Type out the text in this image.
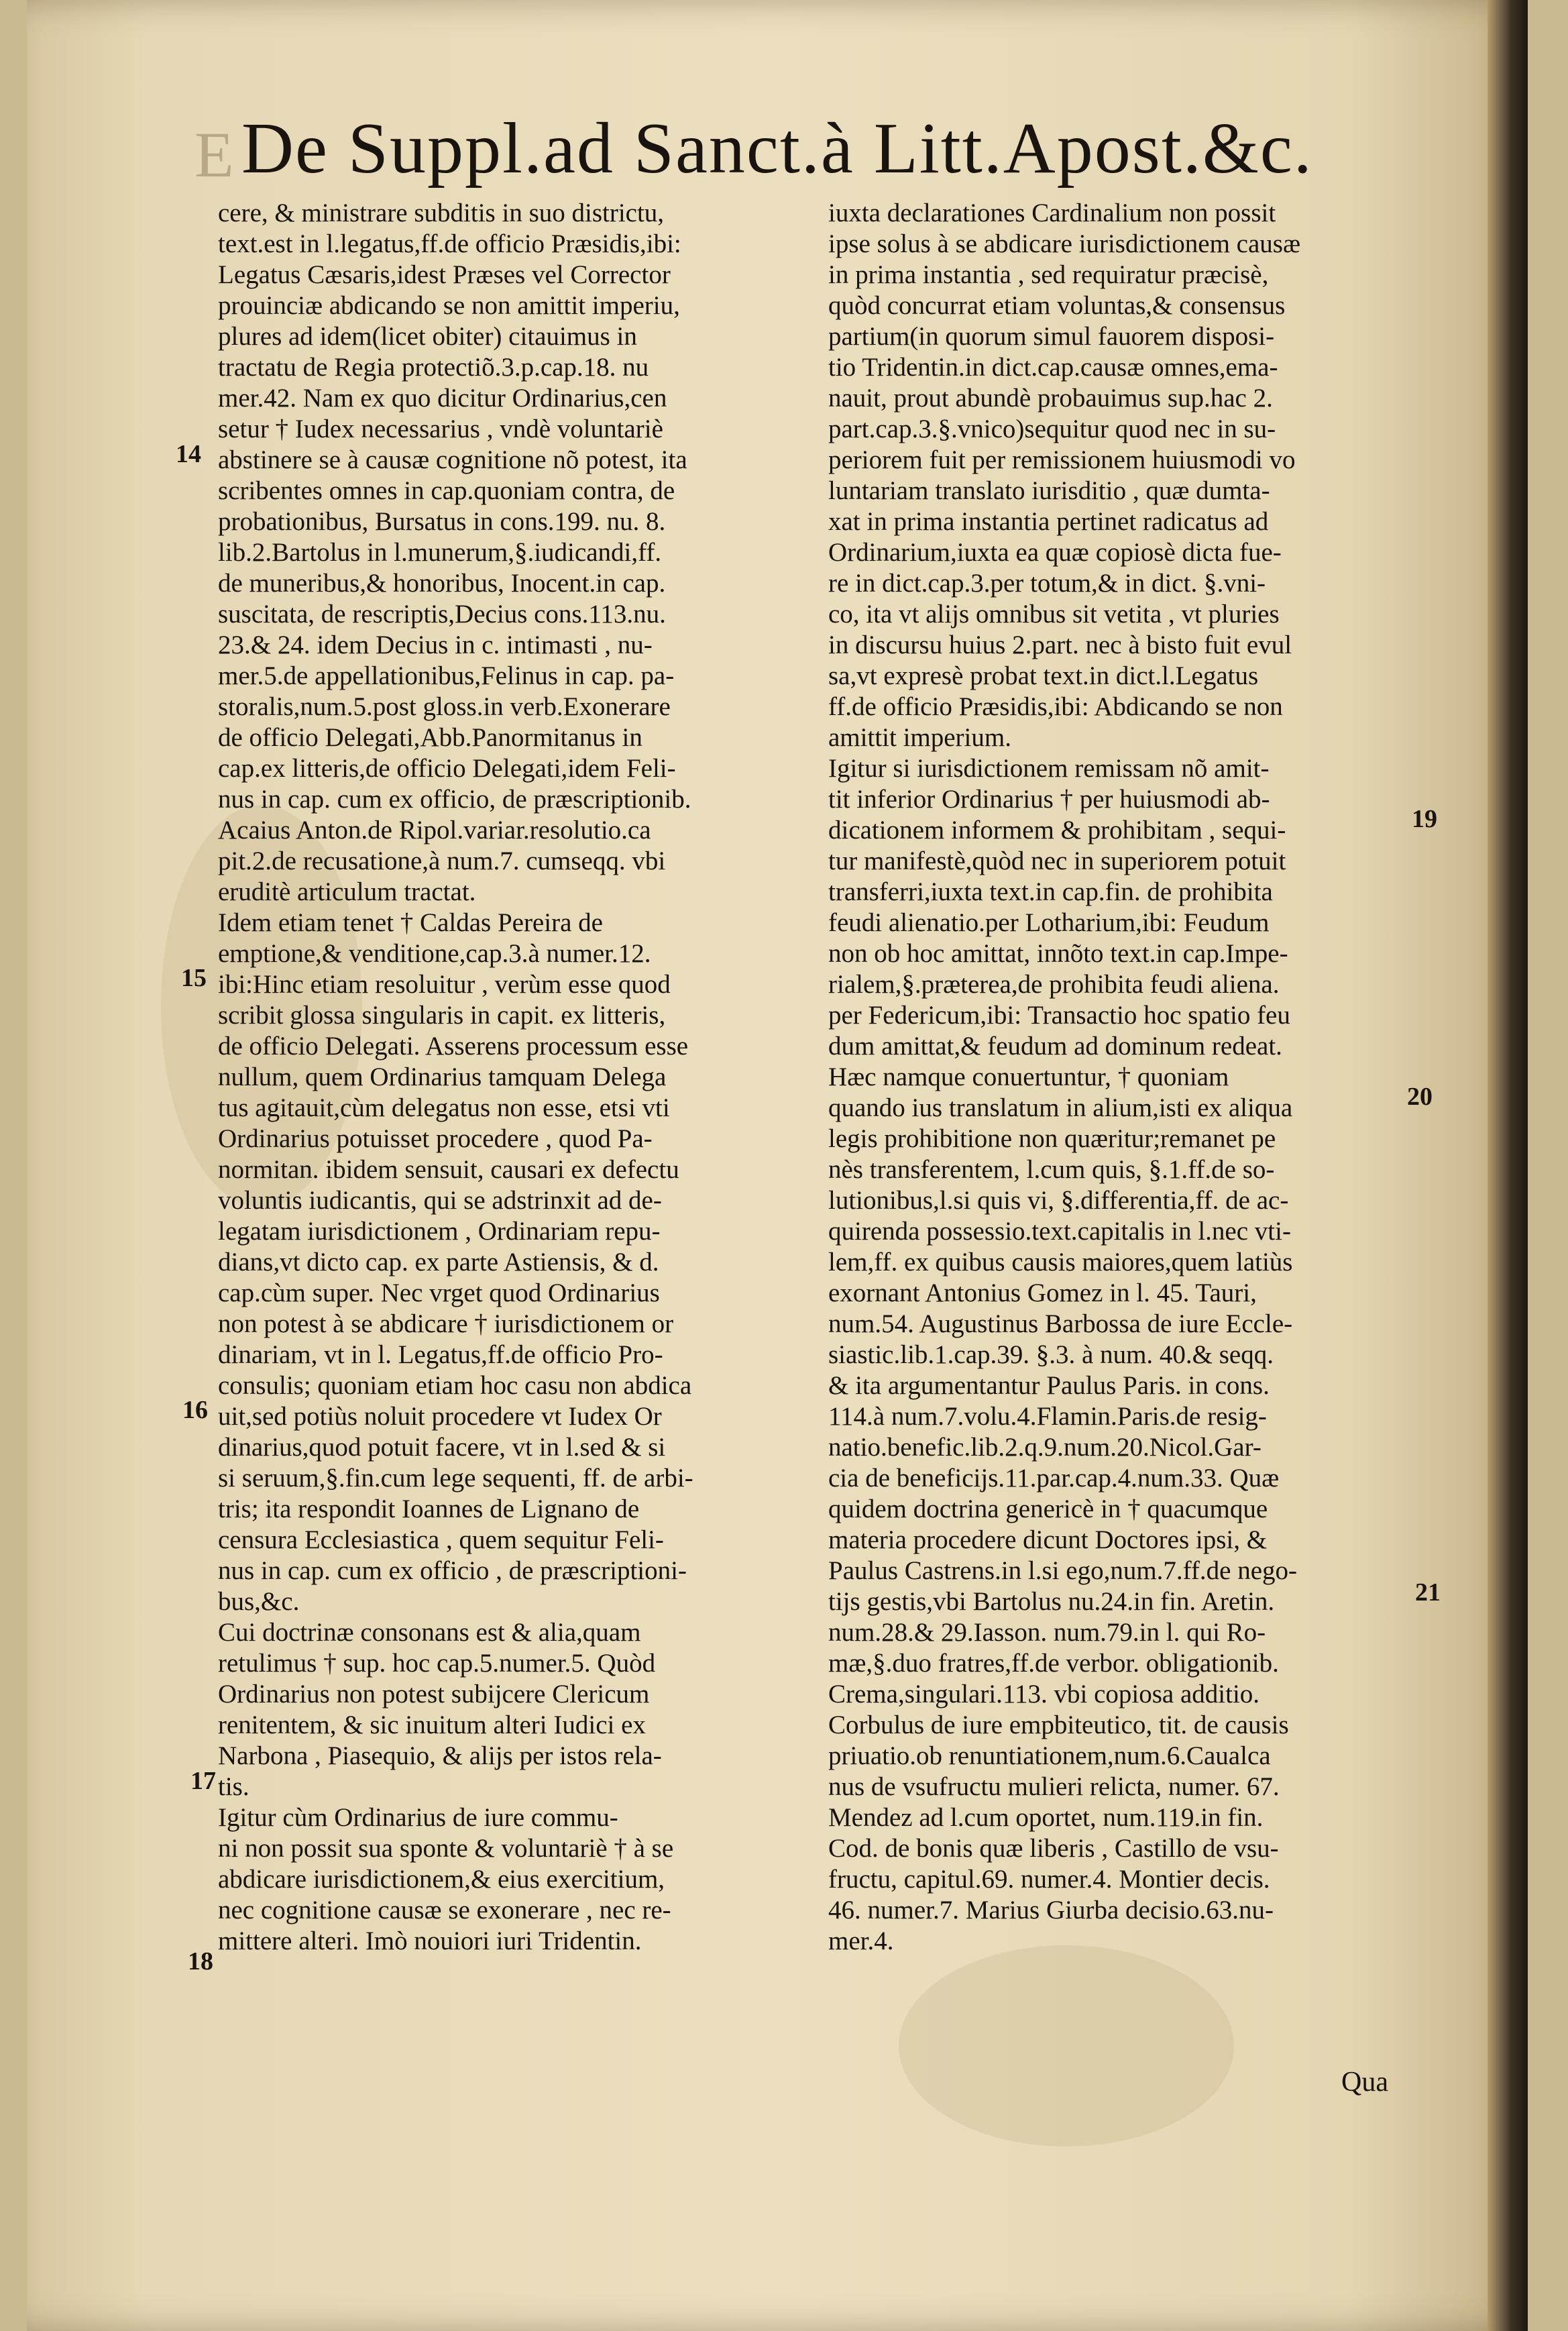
E De Suppl.ad Sanct.à Litt.Apost.&c.
cere, & ministrare subditis in suo districtu,
text.est in l.legatus,ff.de officio Præsidis,ibi:
Legatus Cæsaris,idest Præses vel Corrector
prouinciæ abdicando se non amittit imperiu,
plures ad idem(licet obiter) citauimus in
tractatu de Regia protectiõ.3.p.cap.18. nu
mer.42. Nam ex quo dicitur Ordinarius,cen
setur † Iudex necessarius , vndè voluntariè
abstinere se à causæ cognitione nõ potest, ita
scribentes omnes in cap.quoniam contra, de
probationibus, Bursatus in cons.199. nu. 8.
lib.2.Bartolus in l.munerum,§.iudicandi,ff.
de muneribus,& honoribus, Inocent.in cap.
suscitata, de rescriptis,Decius cons.113.nu.
23.& 24. idem Decius in c. intimasti , nu-
mer.5.de appellationibus,Felinus in cap. pa-
storalis,num.5.post gloss.in verb.Exonerare
de officio Delegati,Abb.Panormitanus in
cap.ex litteris,de officio Delegati,idem Feli-
nus in cap. cum ex officio, de præscriptionib.
Acaius Anton.de Ripol.variar.resolutio.ca
pit.2.de recusatione,à num.7. cumseqq. vbi
eruditè articulum tractat.
Idem etiam tenet † Caldas Pereira de
emptione,& venditione,cap.3.à numer.12.
ibi:Hinc etiam resoluitur , verùm esse quod
scribit glossa singularis in capit. ex litteris,
de officio Delegati. Asserens processum esse
nullum, quem Ordinarius tamquam Delega
tus agitauit,cùm delegatus non esse, etsi vti
Ordinarius potuisset procedere , quod Pa-
normitan. ibidem sensuit, causari ex defectu
voluntis iudicantis, qui se adstrinxit ad de-
legatam iurisdictionem , Ordinariam repu-
dians,vt dicto cap. ex parte Astiensis, & d.
cap.cùm super. Nec vrget quod Ordinarius
non potest à se abdicare † iurisdictionem or
dinariam, vt in l. Legatus,ff.de officio Pro-
consulis; quoniam etiam hoc casu non abdica
uit,sed potiùs noluit procedere vt Iudex Or
dinarius,quod potuit facere, vt in l.sed & si
si seruum,§.fin.cum lege sequenti, ff. de arbi-
tris; ita respondit Ioannes de Lignano de
censura Ecclesiastica , quem sequitur Feli-
nus in cap. cum ex officio , de præscriptioni-
bus,&c.
Cui doctrinæ consonans est & alia,quam
retulimus † sup. hoc cap.5.numer.5. Quòd
Ordinarius non potest subijcere Clericum
renitentem, & sic inuitum alteri Iudici ex
Narbona , Piasequio, & alijs per istos rela-
tis.
Igitur cùm Ordinarius de iure commu-
ni non possit sua sponte & voluntariè † à se
abdicare iurisdictionem,& eius exercitium,
nec cognitione causæ se exonerare , nec re-
mittere alteri. Imò nouiori iuri Tridentin.
iuxta declarationes Cardinalium non possit
ipse solus à se abdicare iurisdictionem causæ
in prima instantia , sed requiratur præcisè,
quòd concurrat etiam voluntas,& consensus
partium(in quorum simul fauorem disposi-
tio Tridentin.in dict.cap.causæ omnes,ema-
nauit, prout abundè probauimus sup.hac 2.
part.cap.3.§.vnico)sequitur quod nec in su-
periorem fuit per remissionem huiusmodi vo
luntariam translato iurisditio , quæ dumta-
xat in prima instantia pertinet radicatus ad
Ordinarium,iuxta ea quæ copiosè dicta fue-
re in dict.cap.3.per totum,& in dict. §.vni-
co, ita vt alijs omnibus sit vetita , vt pluries
in discursu huius 2.part. nec à bisto fuit evul
sa,vt expresè probat text.in dict.l.Legatus
ff.de officio Præsidis,ibi: Abdicando se non
amittit imperium.
Igitur si iurisdictionem remissam nõ amit-
tit inferior Ordinarius † per huiusmodi ab-
dicationem informem & prohibitam , sequi-
tur manifestè,quòd nec in superiorem potuit
transferri,iuxta text.in cap.fin. de prohibita
feudi alienatio.per Lotharium,ibi: Feudum
non ob hoc amittat, innõto text.in cap.Impe-
rialem,§.præterea,de prohibita feudi aliena.
per Federicum,ibi: Transactio hoc spatio feu
dum amittat,& feudum ad dominum redeat.
Hæc namque conuertuntur, † quoniam
quando ius translatum in alium,isti ex aliqua
legis prohibitione non quæritur;remanet pe
nès transferentem, l.cum quis, §.1.ff.de so-
lutionibus,l.si quis vi, §.differentia,ff. de ac-
quirenda possessio.text.capitalis in l.nec vti-
lem,ff. ex quibus causis maiores,quem latiùs
exornant Antonius Gomez in l. 45. Tauri,
num.54. Augustinus Barbossa de iure Eccle-
siastic.lib.1.cap.39. §.3. à num. 40.& seqq.
& ita argumentantur Paulus Paris. in cons.
114.à num.7.volu.4.Flamin.Paris.de resig-
natio.benefic.lib.2.q.9.num.20.Nicol.Gar-
cia de beneficijs.11.par.cap.4.num.33. Quæ
quidem doctrina genericè in † quacumque
materia procedere dicunt Doctores ipsi, &
Paulus Castrens.in l.si ego,num.7.ff.de nego-
tijs gestis,vbi Bartolus nu.24.in fin. Aretin.
num.28.& 29.Iasson. num.79.in l. qui Ro-
mæ,§.duo fratres,ff.de verbor. obligationib.
Crema,singulari.113. vbi copiosa additio.
Corbulus de iure empbiteutico, tit. de causis
priuatio.ob renuntiationem,num.6.Caualca
nus de vsufructu mulieri relicta, numer. 67.
Mendez ad l.cum oportet, num.119.in fin.
Cod. de bonis quæ liberis , Castillo de vsu-
fructu, capitul.69. numer.4. Montier decis.
46. numer.7. Marius Giurba decisio.63.nu-
mer.4.
14
15
16
17
18
19
20
21
Qua
